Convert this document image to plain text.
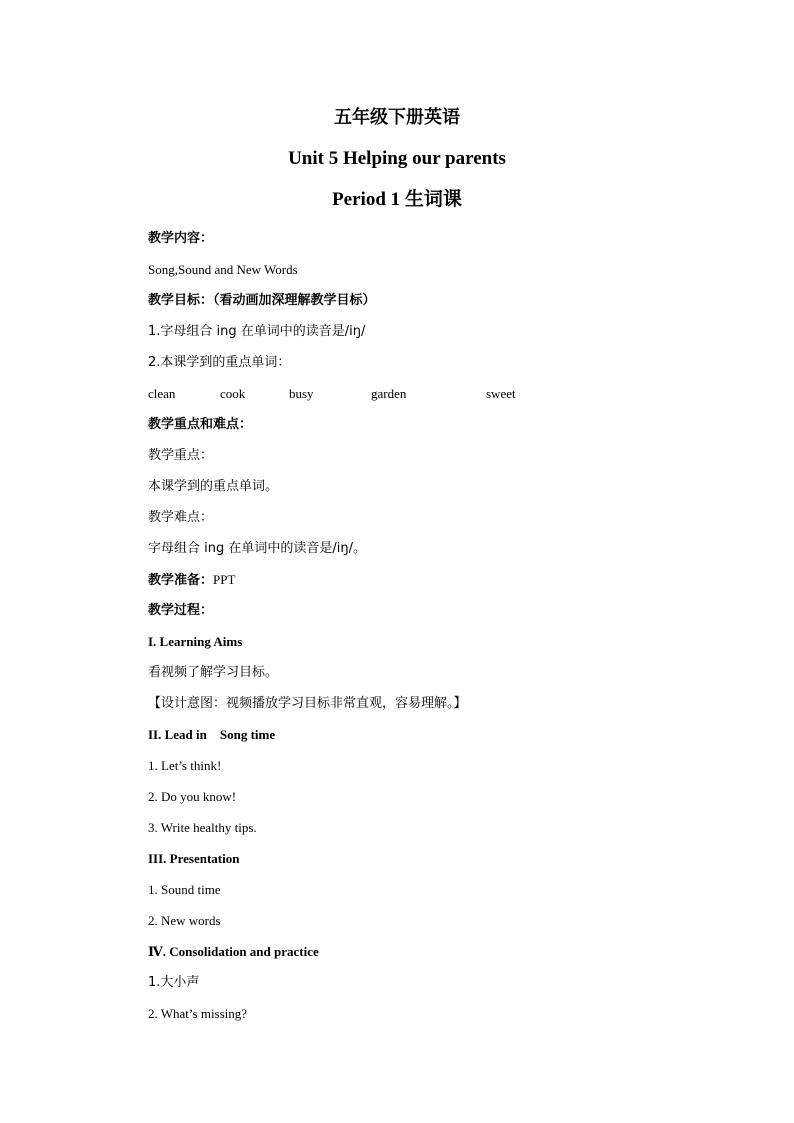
五年级下册英语
Unit 5 Helping our parents
Period 1 生词课
教学内容：
Song,Sound and New Words
教学目标：（看动画加深理解教学目标）
1.字母组合 ing 在单词中的读音是/iŋ/
2.本课学到的重点单词：
clean	cook	busy	garden	sweet
教学重点和难点：
教学重点：
本课学到的重点单词。
教学难点：
字母组合 ing 在单词中的读音是/iŋ/。
教学准备：PPT
教学过程：
I. Learning Aims
看视频了解学习目标。
【设计意图：视频播放学习目标非常直观，容易理解。】
II. Lead in    Song time
1. Let’s think!
2. Do you know!
3. Write healthy tips.
III. Presentation
1. Sound time
2. New words
Ⅳ. Consolidation and practice
1.大小声
2. What’s missing?
